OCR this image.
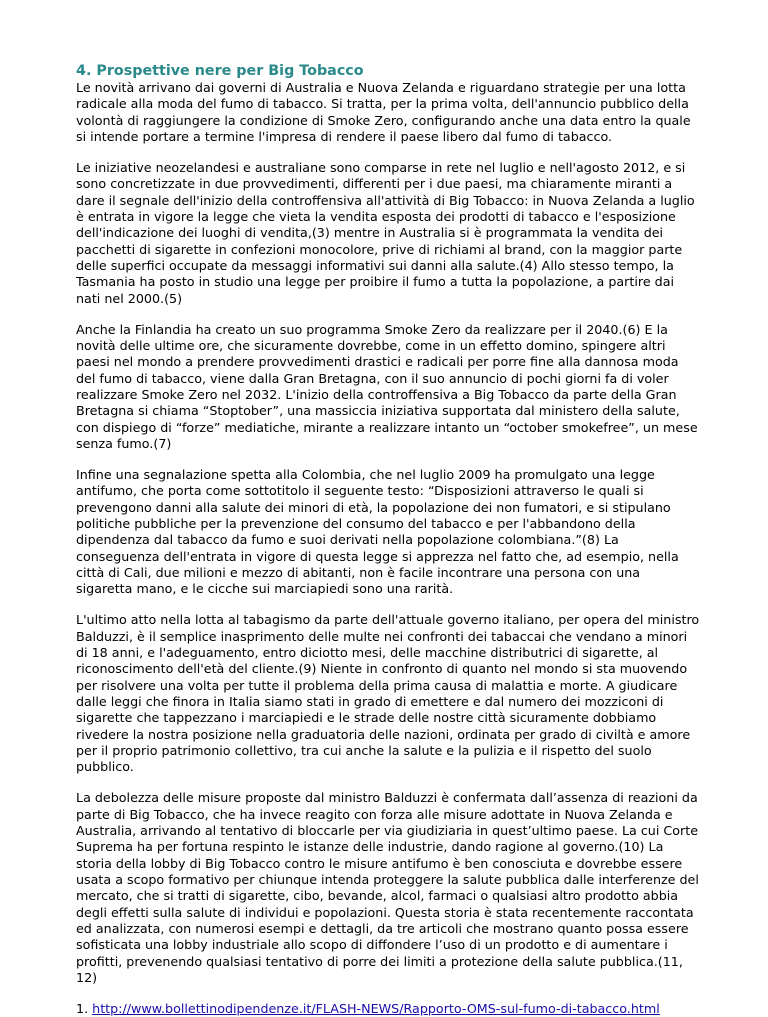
4. Prospettive nere per Big Tobacco

Le novità arrivano dai governi di Australia e Nuova Zelanda e riguardano strategie per una lotta radicale alla moda del fumo di tabacco. Si tratta, per la prima volta, dell'annuncio pubblico della volontà di raggiungere la condizione di Smoke Zero, configurando anche una data entro la quale si intende portare a termine l'impresa di rendere il paese libero dal fumo di tabacco.

Le iniziative neozelandesi e australiane sono comparse in rete nel luglio e nell'agosto 2012, e si sono concretizzate in due provvedimenti, differenti per i due paesi, ma chiaramente miranti a dare il segnale dell'inizio della controffensiva all'attività di Big Tobacco: in Nuova Zelanda a luglio è entrata in vigore la legge che vieta la vendita esposta dei prodotti di tabacco e l'esposizione dell'indicazione dei luoghi di vendita,(3) mentre in Australia si è programmata la vendita dei pacchetti di sigarette in confezioni monocolore, prive di richiami al brand, con la maggior parte delle superfici occupate da messaggi informativi sui danni alla salute.(4) Allo stesso tempo, la Tasmania ha posto in studio una legge per proibire il fumo a tutta la popolazione, a partire dai nati nel 2000.(5)

Anche la Finlandia ha creato un suo programma Smoke Zero da realizzare per il 2040.(6) E la novità delle ultime ore, che sicuramente dovrebbe, come in un effetto domino, spingere altri paesi nel mondo a prendere provvedimenti drastici e radicali per porre fine alla dannosa moda del fumo di tabacco, viene dalla Gran Bretagna, con il suo annuncio di pochi giorni fa di voler realizzare Smoke Zero nel 2032. L'inizio della controffensiva a Big Tobacco da parte della Gran Bretagna si chiama “Stoptober”, una massiccia iniziativa supportata dal ministero della salute, con dispiego di “forze” mediatiche, mirante a realizzare intanto un “october smokefree”, un mese senza fumo.(7)

Infine una segnalazione spetta alla Colombia, che nel luglio 2009 ha promulgato una legge antifumo, che porta come sottotitolo il seguente testo: “Disposizioni attraverso le quali si prevengono danni alla salute dei minori di età, la popolazione dei non fumatori, e si stipulano politiche pubbliche per la prevenzione del consumo del tabacco e per l'abbandono della dipendenza dal tabacco da fumo e suoi derivati nella popolazione colombiana.”(8) La conseguenza dell'entrata in vigore di questa legge si apprezza nel fatto che, ad esempio, nella città di Cali, due milioni e mezzo di abitanti, non è facile incontrare una persona con una sigaretta mano, e le cicche sui marciapiedi sono una rarità.

L'ultimo atto nella lotta al tabagismo da parte dell'attuale governo italiano, per opera del ministro Balduzzi, è il semplice inasprimento delle multe nei confronti dei tabaccai che vendano a minori di 18 anni, e l'adeguamento, entro diciotto mesi, delle macchine distributrici di sigarette, al riconoscimento dell'età del cliente.(9) Niente in confronto di quanto nel mondo si sta muovendo per risolvere una volta per tutte il problema della prima causa di malattia e morte. A giudicare dalle leggi che finora in Italia siamo stati in grado di emettere e dal numero dei mozziconi di sigarette che tappezzano i marciapiedi e le strade delle nostre città sicuramente dobbiamo rivedere la nostra posizione nella graduatoria delle nazioni, ordinata per grado di civiltà e amore per il proprio patrimonio collettivo, tra cui anche la salute e la pulizia e il rispetto del suolo pubblico.

La debolezza delle misure proposte dal ministro Balduzzi è confermata dall’assenza di reazioni da parte di Big Tobacco, che ha invece reagito con forza alle misure adottate in Nuova Zelanda e Australia, arrivando al tentativo di bloccarle per via giudiziaria in quest’ultimo paese. La cui Corte Suprema ha per fortuna respinto le istanze delle industrie, dando ragione al governo.(10) La storia della lobby di Big Tobacco contro le misure antifumo è ben conosciuta e dovrebbe essere usata a scopo formativo per chiunque intenda proteggere la salute pubblica dalle interferenze del mercato, che si tratti di sigarette, cibo, bevande, alcol, farmaci o qualsiasi altro prodotto abbia degli effetti sulla salute di individui e popolazioni. Questa storia è stata recentemente raccontata ed analizzata, con numerosi esempi e dettagli, da tre articoli che mostrano quanto possa essere sofisticata una lobby industriale allo scopo di diffondere l’uso di un prodotto e di aumentare i profitti, prevenendo qualsiasi tentativo di porre dei limiti a protezione della salute pubblica.(11, 12)

1. http://www.bollettinodipendenze.it/FLASH-NEWS/Rapporto-OMS-sul-fumo-di-tabacco.html
